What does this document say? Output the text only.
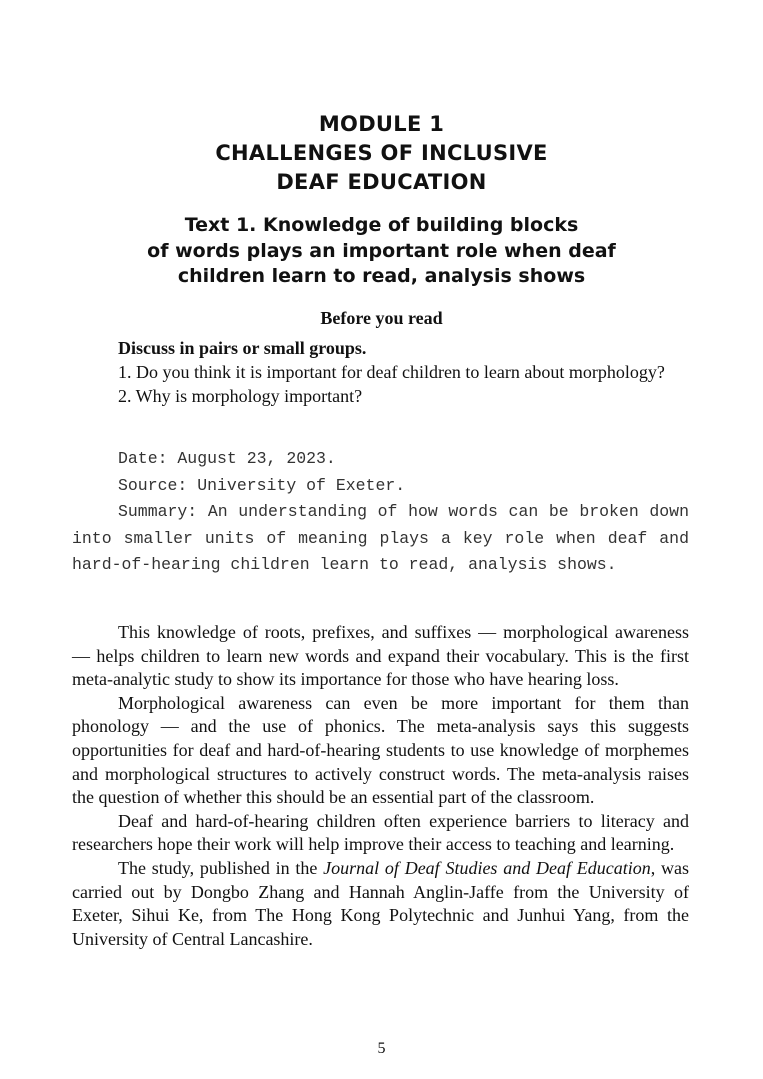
MODULE 1
CHALLENGES OF INCLUSIVE
DEAF EDUCATION
Text 1. Knowledge of building blocks
of words plays an important role when deaf
children learn to read, analysis shows
Before you read

Discuss in pairs or small groups.

1. Do you think it is important for deaf children to learn about morphology?

2. Why is morphology important?

Date: August 23, 2023.

Source: University of Exeter.

Summary: An understanding of how words can be broken down into smaller units of meaning plays a key role when deaf and hard-of-hearing children learn to read, analysis shows.

This knowledge of roots, prefixes, and suffixes — morphological awareness — helps children to learn new words and expand their vocabulary. This is the first meta-analytic study to show its importance for those who have hearing loss.

Morphological awareness can even be more important for them than phonology — and the use of phonics. The meta-analysis says this suggests opportunities for deaf and hard-of-hearing students to use knowledge of morphemes and morphological structures to actively construct words. The meta-analysis raises the question of whether this should be an essential part of the classroom.

Deaf and hard-of-hearing children often experience barriers to literacy and researchers hope their work will help improve their access to teaching and learning.

The study, published in the Journal of Deaf Studies and Deaf Education, was carried out by Dongbo Zhang and Hannah Anglin-Jaffe from the University of Exeter, Sihui Ke, from The Hong Kong Polytechnic and Junhui Yang, from the University of Central Lancashire.

5
